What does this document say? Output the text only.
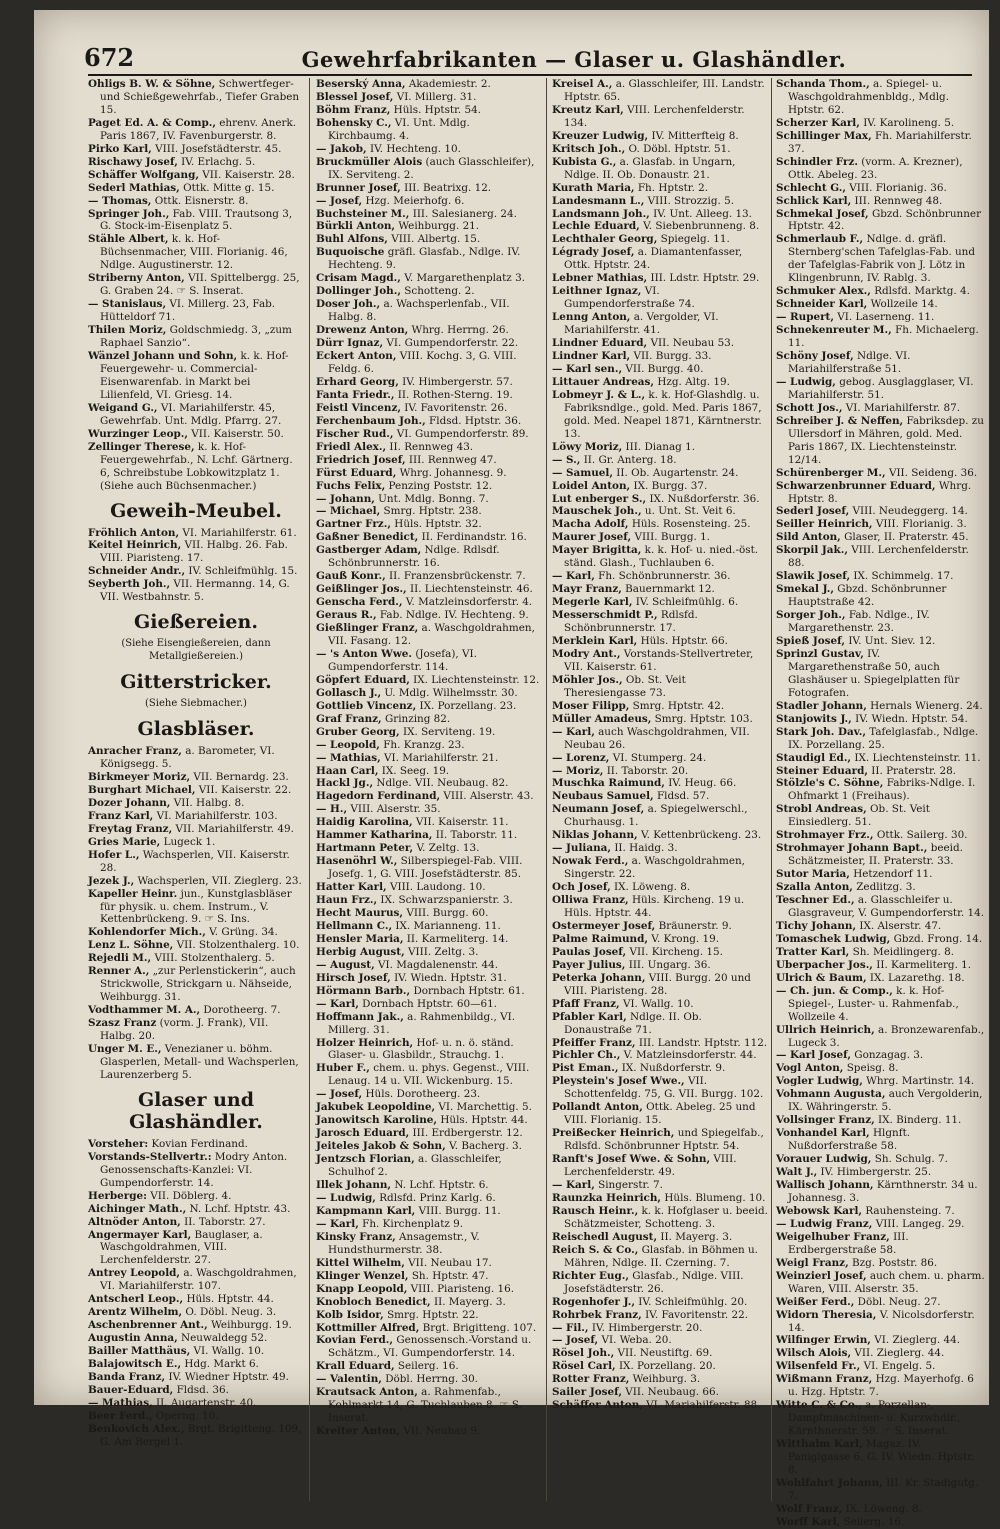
672	Gewehrfabrikanten — Glaser u. Glashändler.
Ohligs B. W. & Söhne, Schwertfeger- und Schießgewehrfab., Tiefer Graben 15.
Paget Ed. A. & Comp., ehrenv. Anerk. Paris 1867, IV. Favenburgerstr. 8.
Pirko Karl, VIII. Josefstädterstr. 45.
Rischawy Josef, IV. Erlachg. 5.
Schäffer Wolfgang, VII. Kaiserstr. 28.
Sederl Mathias, Ottk. Mitte g. 15.
— Thomas, Ottk. Eisnerstr. 8.
Springer Joh., Fab. VIII. Trautsong 3, G. Stock-im-Eisenplatz 5.
Stähle Albert, k. k. Hof-Büchsenmacher, VIII. Florianig. 46, Ndlge. Augustinerstr. 12.
Striberny Anton, VII. Spittelbergg. 25, G. Graben 24. ☞ S. Inserat.
— Stanislaus, VI. Millerg. 23, Fab. Hütteldorf 71.
Thilen Moriz, Goldschmiedg. 3, „zum Raphael Sanzio“.
Wänzel Johann und Sohn, k. k. Hof-Feuergewehr- u. Commercial-Eisenwarenfab. in Markt bei Lilienfeld, VI. Griesg. 14.
Weigand G., VI. Mariahilferstr. 45, Gewehrfab. Unt. Mdlg. Pfarrg. 27.
Wurzinger Leop., VII. Kaiserstr. 50.
Zellinger Therese, k. k. Hof-Feuergewehrfab., N. Lchf. Gärtnerg. 6, Schreibstube Lobkowitzplatz 1. (Siehe auch Büchsenmacher.)
Geweih-Meubel.
Fröhlich Anton, VI. Mariahilferstr. 61.
Keitel Heinrich, VII. Halbg. 26. Fab. VIII. Piaristeng. 17.
Schneider Andr., IV. Schleifmühlg. 15.
Seyberth Joh., VII. Hermanng. 14, G. VII. Westbahnstr. 5.
Gießereien.
(Siehe Eisengießereien, dann Metallgießereien.)
Gitterstricker.
(Siehe Siebmacher.)
Glasbläser.
Anracher Franz, a. Barometer, VI. Königsegg. 5.
Birkmeyer Moriz, VII. Bernardg. 23.
Burghart Michael, VII. Kaiserstr. 22.
Dozer Johann, VII. Halbg. 8.
Franz Karl, VI. Mariahilferstr. 103.
Freytag Franz, VII. Mariahilferstr. 49.
Gries Marie, Lugeck 1.
Hofer L., Wachsperlen, VII. Kaiserstr. 28.
Jezek J., Wachsperlen, VII. Zieglerg. 23.
Kapeller Heinr. jun., Kunstglasbläser für physik. u. chem. Instrum., V. Kettenbrückeng. 9. ☞ S. Ins.
Kohlendorfer Mich., V. Grüng. 34.
Lenz L. Söhne, VII. Stolzenthalerg. 10.
Rejedli M., VIII. Stolzenthalerg. 5.
Renner A., „zur Perlenstickerin“, auch Strickwolle, Strickgarn u. Nähseide, Weihburgg. 31.
Vodthammer M. A., Dorotheerg. 7.
Szasz Franz (vorm. J. Frank), VII. Halbg. 20.
Unger M. E., Venezianer u. böhm. Glasperlen, Metall- und Wachsperlen, Laurenzerberg 5.
Glaser und Glashändler.
Vorsteher: Kovian Ferdinand.
Vorstands-Stellvertr.: Modry Anton. Genossenschafts-Kanzlei: VI. Gumpendorferstr. 14.
Herberge: VII. Döblerg. 4.
Aichinger Math., N. Lchf. Hptstr. 43.
Altnöder Anton, II. Taborstr. 27.
Angermayer Karl, Bauglaser, a. Waschgoldrahmen, VIII. Lerchenfelderstr. 27.
Antrey Leopold, a. Waschgoldrahmen, VI. Mariahilferstr. 107.
Antscherl Leop., Hüls. Hptstr. 44.
Arentz Wilhelm, O. Döbl. Neug. 3.
Aschenbrenner Ant., Weihburgg. 19.
Augustin Anna, Neuwaldegg 52.
Bailler Matthäus, VI. Wallg. 10.
Balajowitsch E., Hdg. Markt 6.
Banda Franz, IV. Wiedner Hptstr. 49.
Bauer-Eduard, Fldsd. 36.
— Mathias, II. Augartenstr. 40.
Beer Ferd., Operng. 10.
Benkovich Alex., Brgt. Brigitteng. 109, G. Am Bergel 1.
Beserský Anna, Akademiestr. 2.
Blessel Josef, VI. Millerg. 31.
Böhm Franz, Hüls. Hptstr. 54.
Bohensky C., VI. Unt. Mdlg. Kirchbaumg. 4.
— Jakob, IV. Hechteng. 10.
Bruckmüller Alois (auch Glasschleifer), IX. Serviteng. 2.
Brunner Josef, III. Beatrixg. 12.
— Josef, Hzg. Meierhofg. 6.
Buchsteiner M., III. Salesianerg. 24.
Bürkli Anton, Weihburgg. 21.
Buhl Alfons, VIII. Albertg. 15.
Buquoische gräfl. Glasfab., Ndlge. IV. Hechteng. 9.
Crisam Magd., V. Margarethenplatz 3.
Dollinger Joh., Schotteng. 2.
Doser Joh., a. Wachsperlenfab., VII. Halbg. 8.
Drewenz Anton, Whrg. Herrng. 26.
Dürr Ignaz, VI. Gumpendorferstr. 22.
Eckert Anton, VIII. Kochg. 3, G. VIII. Feldg. 6.
Erhard Georg, IV. Himbergerstr. 57.
Fanta Friedr., II. Rothen-Sterng. 19.
Feistl Vincenz, IV. Favoritenstr. 26.
Ferchenbaum Joh., Fldsd. Hptstr. 36.
Fischer Rud., VI. Gumpendorferstr. 89.
Friedl Alex., II. Rennweg 43.
Friedrich Josef, III. Rennweg 47.
Fürst Eduard, Whrg. Johannesg. 9.
Fuchs Felix, Penzing Poststr. 12.
— Johann, Unt. Mdlg. Bonng. 7.
— Michael, Smrg. Hptstr. 238.
Gartner Frz., Hüls. Hptstr. 32.
Gaßner Benedict, II. Ferdinandstr. 16.
Gastberger Adam, Ndlge. Rdlsdf. Schönbrunnerstr. 16.
Gauß Konr., II. Franzensbrückenstr. 7.
Geißlinger Jos., II. Liechtensteinstr. 46.
Genscha Ferd., V. Matzleinsdorferstr. 4.
Geraus R., Fab. Ndlge. IV. Hechteng. 9.
Gießlinger Franz, a. Waschgoldrahmen, VII. Fasang. 12.
— 's Anton Wwe. (Josefa), VI. Gumpendorferstr. 114.
Göpfert Eduard, IX. Liechtensteinstr. 12.
Gollasch J., U. Mdlg. Wilhelmsstr. 30.
Gottlieb Vincenz, IX. Porzellang. 23.
Graf Franz, Grinzing 82.
Gruber Georg, IX. Serviteng. 19.
— Leopold, Fh. Kranzg. 23.
— Mathias, VI. Mariahilferstr. 21.
Haan Carl, IX. Seeg. 19.
Hackl Jg., Ndlge. VII. Neubaug. 82.
Hagedorn Ferdinand, VIII. Alserstr. 43.
— H., VIII. Alserstr. 35.
Haidig Karolina, VII. Kaiserstr. 11.
Hammer Katharina, II. Taborstr. 11.
Hartmann Peter, V. Zeltg. 13.
Hasenöhrl W., Silberspiegel-Fab. VIII. Josefg. 1, G. VIII. Josefstädterstr. 85.
Hatter Karl, VIII. Laudong. 10.
Haun Frz., IX. Schwarzspanierstr. 3.
Hecht Maurus, VIII. Burgg. 60.
Hellmann C., IX. Marianneng. 11.
Hensler Maria, II. Karmeliterg. 14.
Herbig August, VIII. Zeltg. 3.
— August, VI. Magdalenenstr. 44.
Hirsch Josef, IV. Wiedn. Hptstr. 31.
Hörmann Barb., Dornbach Hptstr. 61.
— Karl, Dornbach Hptstr. 60—61.
Hoffmann Jak., a. Rahmenbildg., VI. Millerg. 31.
Holzer Heinrich, Hof- u. n. ö. ständ. Glaser- u. Glasbildr., Strauchg. 1.
Huber F., chem. u. phys. Gegenst., VIII. Lenaug. 14 u. VII. Wickenburg. 15.
— Josef, Hüls. Dorotheerg. 23.
Jakubek Leopoldine, VI. Marchettig. 5.
Janowitsch Karoline, Hüls. Hptstr. 44.
Jarosch Eduard, III. Erdbergerstr. 12.
Jeiteles Jakob & Sohn, V. Bacherg. 3.
Jentzsch Florian, a. Glasschleifer, Schulhof 2.
Illek Johann, N. Lchf. Hptstr. 6.
— Ludwig, Rdlsfd. Prinz Karlg. 6.
Kampmann Karl, VIII. Burgg. 11.
— Karl, Fh. Kirchenplatz 9.
Kinsky Franz, Ansagemstr., V. Hundsthurmerstr. 38.
Kittel Wilhelm, VII. Neubau 17.
Klinger Wenzel, Sh. Hptstr. 47.
Knapp Leopold, VIII. Piaristeng. 16.
Knobloch Benedict, II. Mayerg. 3.
Kolb Isidor, Smrg. Hptstr. 22.
Kottmiller Alfred, Brgt. Brigitteng. 107.
Kovian Ferd., Genossensch.-Vorstand u. Schätzm., VI. Gumpendorferstr. 14.
Krall Eduard, Seilerg. 16.
— Valentin, Döbl. Herrng. 30.
Krautsack Anton, a. Rahmenfab., Kohlmarkt 14, G. Tuchlauben 8. ☞ S. Inserat.
Kreiter Anton, VII. Neubau 9.
Kreisel A., a. Glasschleifer, III. Landstr. Hptstr. 65.
Kreutz Karl, VIII. Lerchenfelderstr. 134.
Kreuzer Ludwig, IV. Mitterfteig 8.
Kritsch Joh., O. Döbl. Hptstr. 51.
Kubista G., a. Glasfab. in Ungarn, Ndlge. II. Ob. Donaustr. 21.
Kurath Maria, Fh. Hptstr. 2.
Landesmann L., VIII. Strozzig. 5.
Landsmann Joh., IV. Unt. Alleeg. 13.
Lechle Eduard, V. Siebenbrunneng. 8.
Lechthaler Georg, Spiegelg. 11.
Légrady Josef, a. Diamantenfasser, Ottk. Hptstr. 24.
Lebner Mathias, III. Ldstr. Hptstr. 29.
Leithner Ignaz, VI. Gumpendorferstraße 74.
Lenng Anton, a. Vergolder, VI. Mariahilferstr. 41.
Lindner Eduard, VII. Neubau 53.
Lindner Karl, VII. Burgg. 33.
— Karl sen., VII. Burgg. 40.
Littauer Andreas, Hzg. Altg. 19.
Lobmeyr J. & L., k. k. Hof-Glashdlg. u. Fabriksndlge., gold. Med. Paris 1867, gold. Med. Neapel 1871, Kärntnerstr. 13.
Löwy Moriz, III. Dianag 1.
— S., II. Gr. Anterg. 18.
— Samuel, II. Ob. Augartenstr. 24.
Loidel Anton, IX. Burgg. 37.
Lut enberger S., IX. Nußdorferstr. 36.
Mauschek Joh., u. Unt. St. Veit 6.
Macha Adolf, Hüls. Rosensteing. 25.
Maurer Josef, VIII. Burgg. 1.
Mayer Brigitta, k. k. Hof- u. nied.-öst. ständ. Glash., Tuchlauben 6.
— Karl, Fh. Schönbrunnerstr. 36.
Mayr Franz, Bauernmarkt 12.
Megerle Karl, IV. Schleifmühlg. 6.
Messerschmidt P., Rdlsfd. Schönbrunnerstr. 17.
Merklein Karl, Hüls. Hptstr. 66.
Modry Ant., Vorstands-Stellvertreter, VII. Kaiserstr. 61.
Möhler Jos., Ob. St. Veit Theresiengasse 73.
Moser Filipp, Smrg. Hptstr. 42.
Müller Amadeus, Smrg. Hptstr. 103.
— Karl, auch Waschgoldrahmen, VII. Neubau 26.
— Lorenz, VI. Stumperg. 24.
— Moriz, II. Taborstr. 20.
Muschka Raimund, IV. Heug. 66.
Neubaus Samuel, Fldsd. 57.
Neumann Josef, a. Spiegelwerschl., Churhausg. 1.
Niklas Johann, V. Kettenbrückeng. 23.
— Juliana, II. Haidg. 3.
Nowak Ferd., a. Waschgoldrahmen, Singerstr. 22.
Och Josef, IX. Löweng. 8.
Olliwa Franz, Hüls. Kircheng. 19 u. Hüls. Hptstr. 44.
Ostermeyer Josef, Bräunerstr. 9.
Palme Raimund, V. Krong. 19.
Paulas Josef, VII. Kircheng. 15.
Payer Julius, III. Ungarg. 36.
Peterka Johann, VIII. Burgg. 20 und VIII. Piaristeng. 28.
Pfaff Franz, VI. Wallg. 10.
Pfabler Karl, Ndlge. II. Ob. Donaustraße 71.
Pfeiffer Franz, III. Landstr. Hptstr. 112.
Pichler Ch., V. Matzleinsdorferstr. 44.
Pist Eman., IX. Nußdorferstr. 9.
Pleystein's Josef Wwe., VII. Schottenfeldg. 75, G. VII. Burgg. 102.
Pollandt Anton, Ottk. Abeleg. 25 und VIII. Florianig. 15.
Preißecker Heinrich, und Spiegelfab., Rdlsfd. Schönbrunner Hptstr. 54.
Ranft's Josef Wwe. & Sohn, VIII. Lerchenfelderstr. 49.
— Karl, Singerstr. 7.
Raunzka Heinrich, Hüls. Blumeng. 10.
Rausch Heinr., k. k. Hofglaser u. beeid. Schätzmeister, Schotteng. 3.
Reischedl August, II. Mayerg. 3.
Reich S. & Co., Glasfab. in Böhmen u. Mähren, Ndlge. II. Czerning. 7.
Richter Eug., Glasfab., Ndlge. VIII. Josefstädterstr. 26.
Rogenhofer J., IV. Schleifmühlg. 20.
Rohrbek Franz, IV. Favoritenstr. 22.
— Fil., IV. Himbergerstr. 20.
— Josef, VI. Weba. 20.
Rösel Joh., VII. Neustiftg. 69.
Rösel Carl, IX. Porzellang. 20.
Rotter Franz, Weihburg. 3.
Sailer Josef, VII. Neubaug. 66.
Schäffer Anton, VI. Mariahilferstr. 88.
Schanda Thom., a. Spiegel- u. Waschgoldrahmenbldg., Mdlg. Hptstr. 62.
Scherzer Karl, IV. Karolineng. 5.
Schillinger Max, Fh. Mariahilferstr. 37.
Schindler Frz. (vorm. A. Krezner), Ottk. Abeleg. 23.
Schlecht G., VIII. Florianig. 36.
Schlick Karl, III. Rennweg 48.
Schmekal Josef, Gbzd. Schönbrunner Hptstr. 42.
Schmerlaub F., Ndlge. d. gräfl. Sternberg'schen Tafelglas-Fab. und der Tafelglas-Fabrik von J. Lötz in Klingenbrunn, IV. Rablg. 3.
Schmuker Alex., Rdlsfd. Marktg. 4.
Schneider Karl, Wollzeile 14.
— Rupert, VI. Laserneng. 11.
Schnekenreuter M., Fh. Michaelerg. 11.
Schöny Josef, Ndlge. VI. Mariahilferstraße 51.
— Ludwig, gebog. Ausglagglaser, VI. Mariahilferstr. 51.
Schott Jos., VI. Mariahilferstr. 87.
Schreiber J. & Neffen, Fabriksdep. zu Ullersdorf in Mähren, gold. Med. Paris 1867, IX. Liechtensteinstr. 12/14.
Schürenberger M., VII. Seideng. 36.
Schwarzenbrunner Eduard, Whrg. Hptstr. 8.
Sederl Josef, VIII. Neudeggerg. 14.
Seiller Heinrich, VIII. Florianig. 3.
Sild Anton, Glaser, II. Praterstr. 45.
Skorpil Jak., VIII. Lerchenfelderstr. 88.
Slawik Josef, IX. Schimmelg. 17.
Smekal J., Gbzd. Schönbrunner Hauptstraße 42.
Sorger Joh., Fab. Ndlge., IV. Margarethenstr. 23.
Spieß Josef, IV. Unt. Siev. 12.
Sprinzl Gustav, IV. Margarethenstraße 50, auch Glashäuser u. Spiegelplatten für Fotografen.
Stadler Johann, Hernals Wienerg. 24.
Stanjowits J., IV. Wiedn. Hptstr. 54.
Stark Joh. Dav., Tafelglasfab., Ndlge. IX. Porzellang. 25.
Staudigl Ed., IX. Liechtensteinstr. 11.
Steiner Eduard, II. Praterstr. 28.
Stölzle's C. Söhne, Fabriks-Ndlge. I. Ohfmarkt 1 (Freihaus).
Strobl Andreas, Ob. St. Veit Einsiedlerg. 51.
Strohmayer Frz., Ottk. Sailerg. 30.
Strohmayer Johann Bapt., beeid. Schätzmeister, II. Praterstr. 33.
Sutor Maria, Hetzendorf 11.
Szalla Anton, Zedlitzg. 3.
Teschner Ed., a. Glasschleifer u. Glasgraveur, V. Gumpendorferstr. 14.
Tichy Johann, IX. Alserstr. 47.
Tomaschek Ludwig, Gbzd. Frong. 14.
Tratter Karl, Sh. Meidlingerg. 8.
Uberpacher Jos., II. Karmeliterg. 1.
Ulrich & Baum, IX. Lazarethg. 18.
— Ch. jun. & Comp., k. k. Hof-Spiegel-, Luster- u. Rahmenfab., Wollzeile 4.
Ullrich Heinrich, a. Bronzewarenfab., Lugeck 3.
— Karl Josef, Gonzagag. 3.
Vogl Anton, Speisg. 8.
Vogler Ludwig, Whrg. Martinstr. 14.
Vohmann Augusta, auch Vergolderin, IX. Währingerstr. 5.
Vollsinger Franz, IX. Binderg. 11.
Vonhandel Karl, Hlgnft. Nußdorferstraße 58.
Vorauer Ludwig, Sh. Schulg. 7.
Walt J., IV. Himbergerstr. 25.
Wallisch Johann, Kärnthnerstr. 34 u. Johannesg. 3.
Webowsk Karl, Rauhensteing. 7.
— Ludwig Franz, VIII. Langeg. 29.
Weigelhuber Franz, III. Erdbergerstraße 58.
Weigl Franz, Bzg. Poststr. 86.
Weinzierl Josef, auch chem. u. pharm. Waren, VIII. Alserstr. 35.
Weißer Ferd., Döbl. Neug. 27.
Widorn Theresia, V. Nicolsdorferstr. 14.
Wilfinger Erwin, VI. Zieglerg. 44.
Wilsch Alois, VII. Zieglerg. 44.
Wilsenfeld Fr., VI. Engelg. 5.
Wißmann Franz, Hzg. Mayerhofg. 6 u. Hzg. Hptstr. 7.
Witte C. & Co., a. Porzellan-, Dampfmaschinen- u. Kurzwhdlr., Kärnthnerstr. 59. ☞ S. Inserat.
Witthalm Karl, Magaz. IV. Paniglgasse 6, G. IV. Wiedn. Hptstr. 8.
Wohlfahrt Johann, III. Kr. Stadigutg. 7.
Wolf Franz, IX. Löweng. 8.
Worff Karl, Seilerg. 16.
